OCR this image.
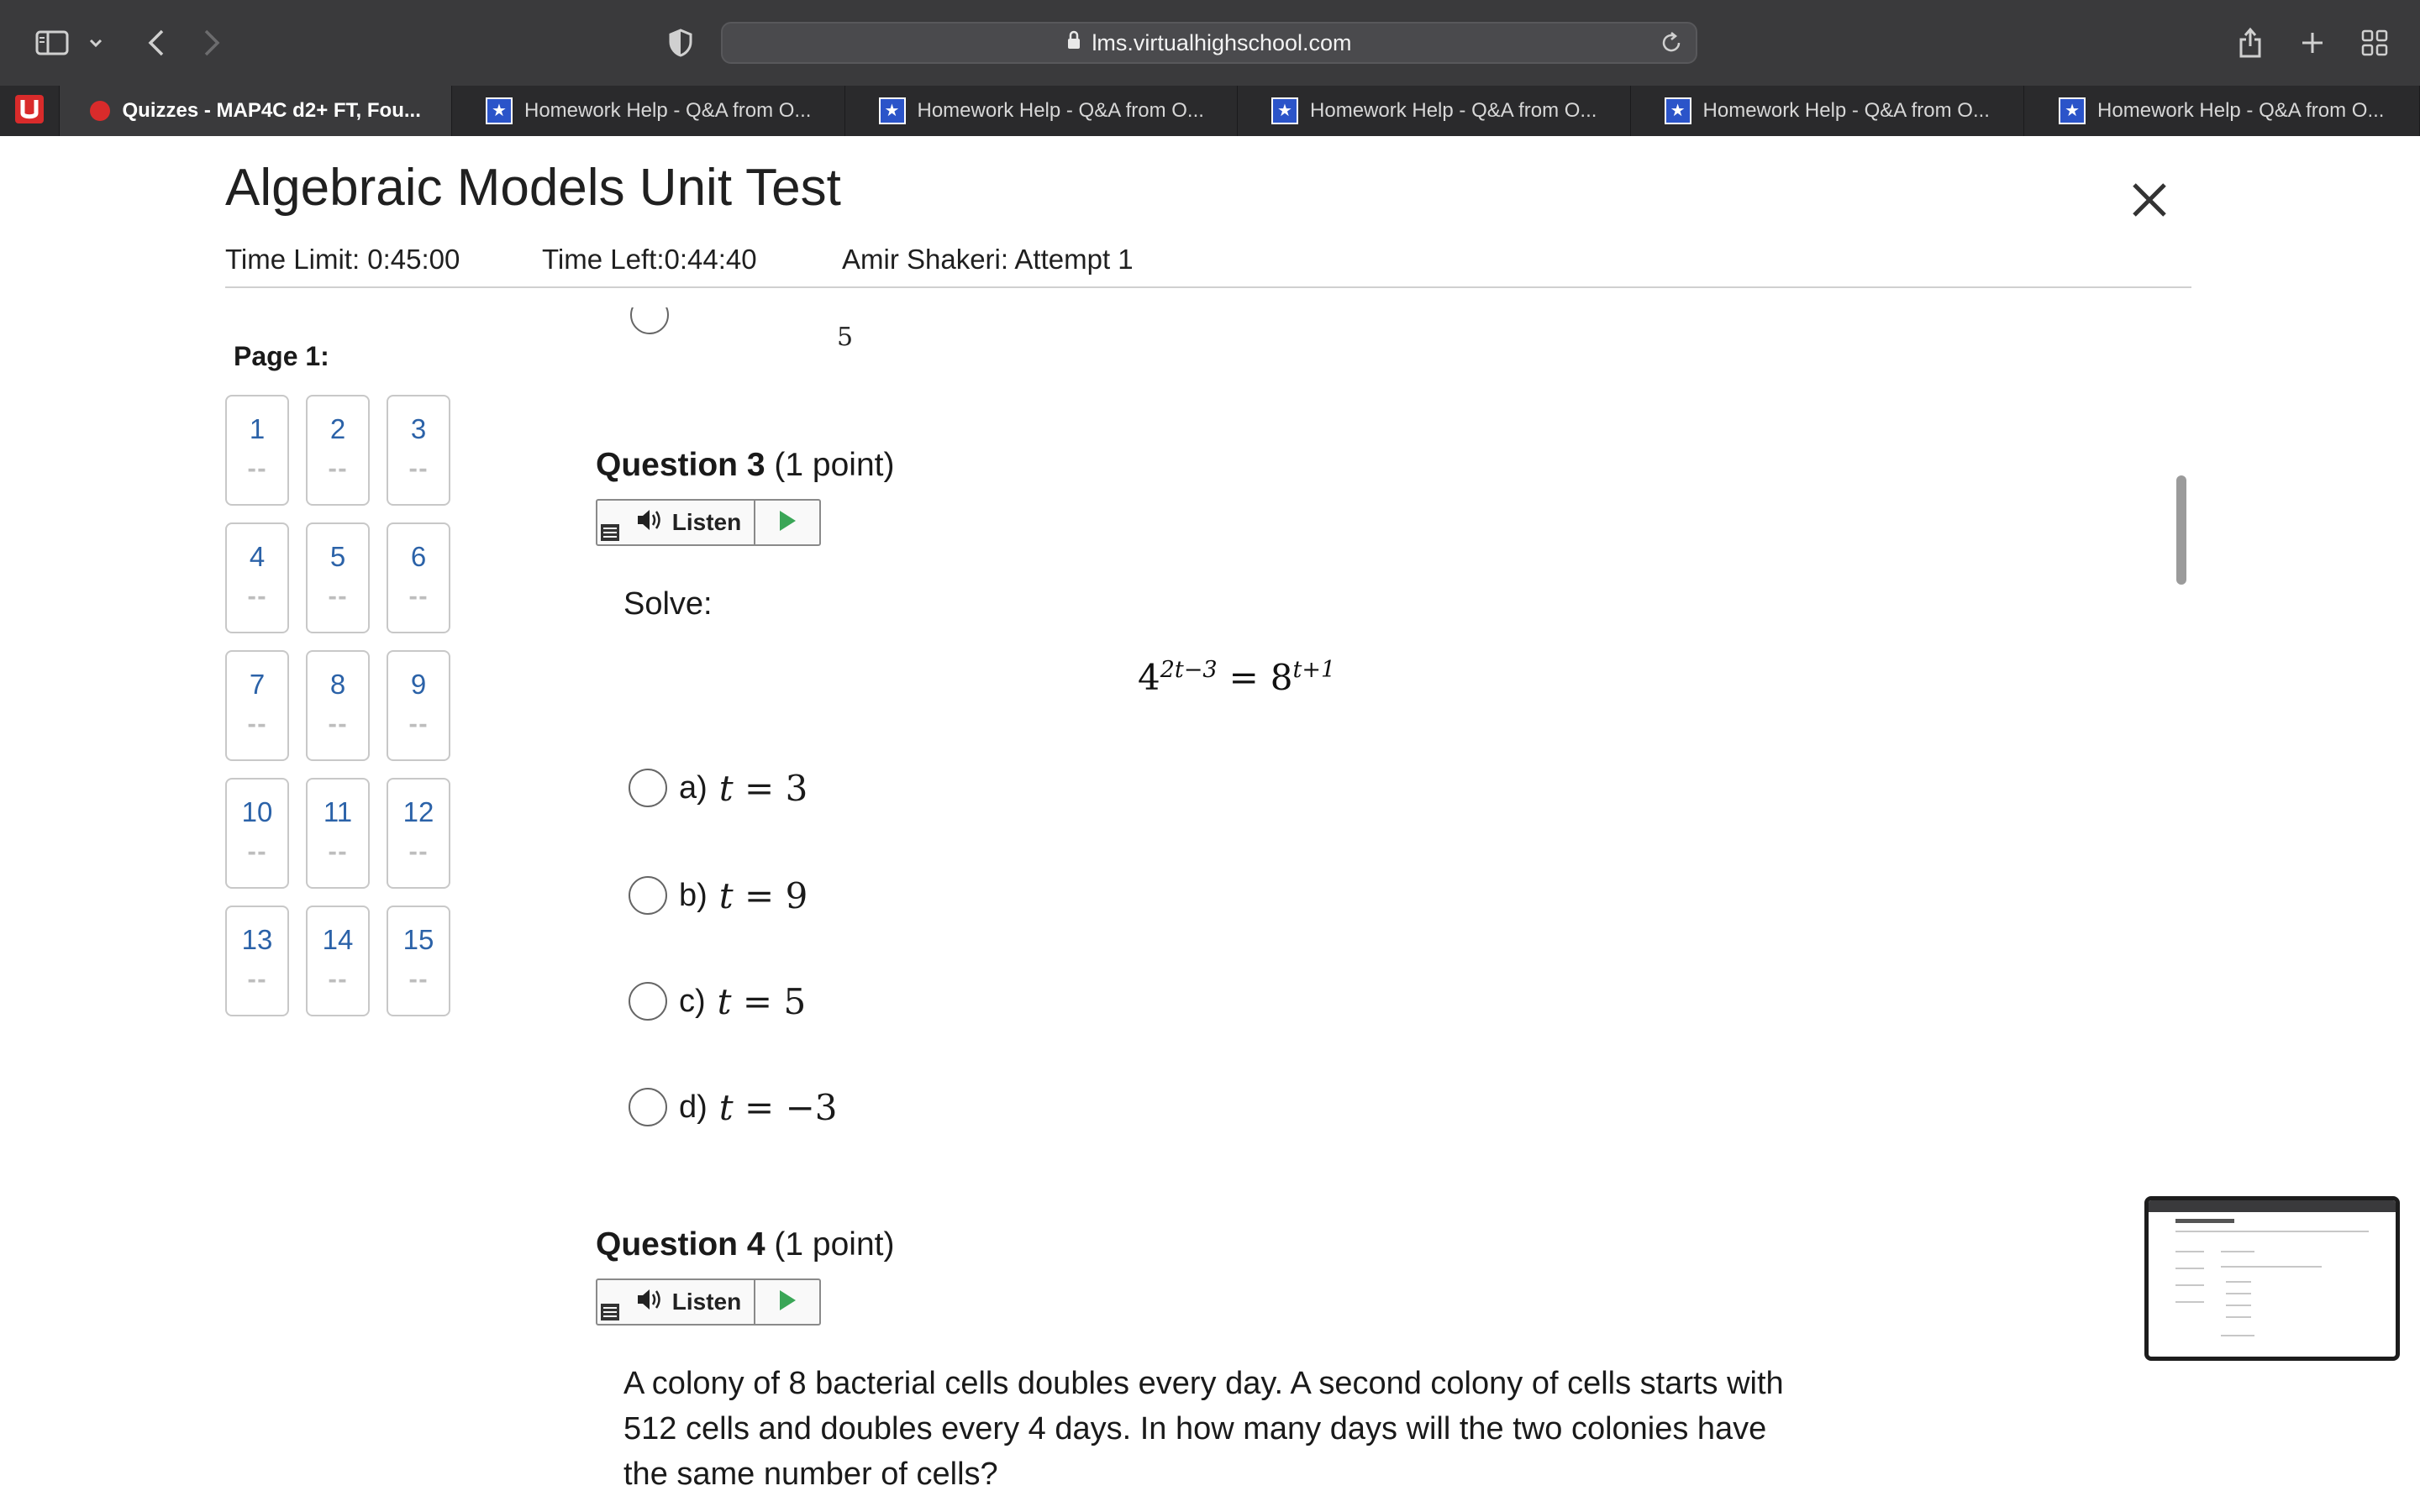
lms.virtualhighschool.com
Quizzes - MAP4C d2+ FT, Fou...	★ Homework Help - Q&A from O...	★ Homework Help - Q&A from O...	★ Homework Help - Q&A from O...	★ Homework Help - Q&A from O...	★ Homework Help - Q&A from O...
Algebraic Models Unit Test
Time Limit: 0:45:00	Time Left:0:44:40	Amir Shakeri: Attempt 1
Page 1:
1
--
2
--
3
--
4
--
5
--
6
--
7
--
8
--
9
--
10
--
11
--
12
--
13
--
14
--
15
--
5
Question 3 (1 point)
Listen
Solve:
$4^{2t-3} = 8^{t+1}$
a) t = 3
b) t = 9
c) t = 5
d) t = −3
Question 4 (1 point)
Listen
A colony of 8 bacterial cells doubles every day. A second colony of cells starts with 512 cells and doubles every 4 days. In how many days will the two colonies have the same number of cells?
